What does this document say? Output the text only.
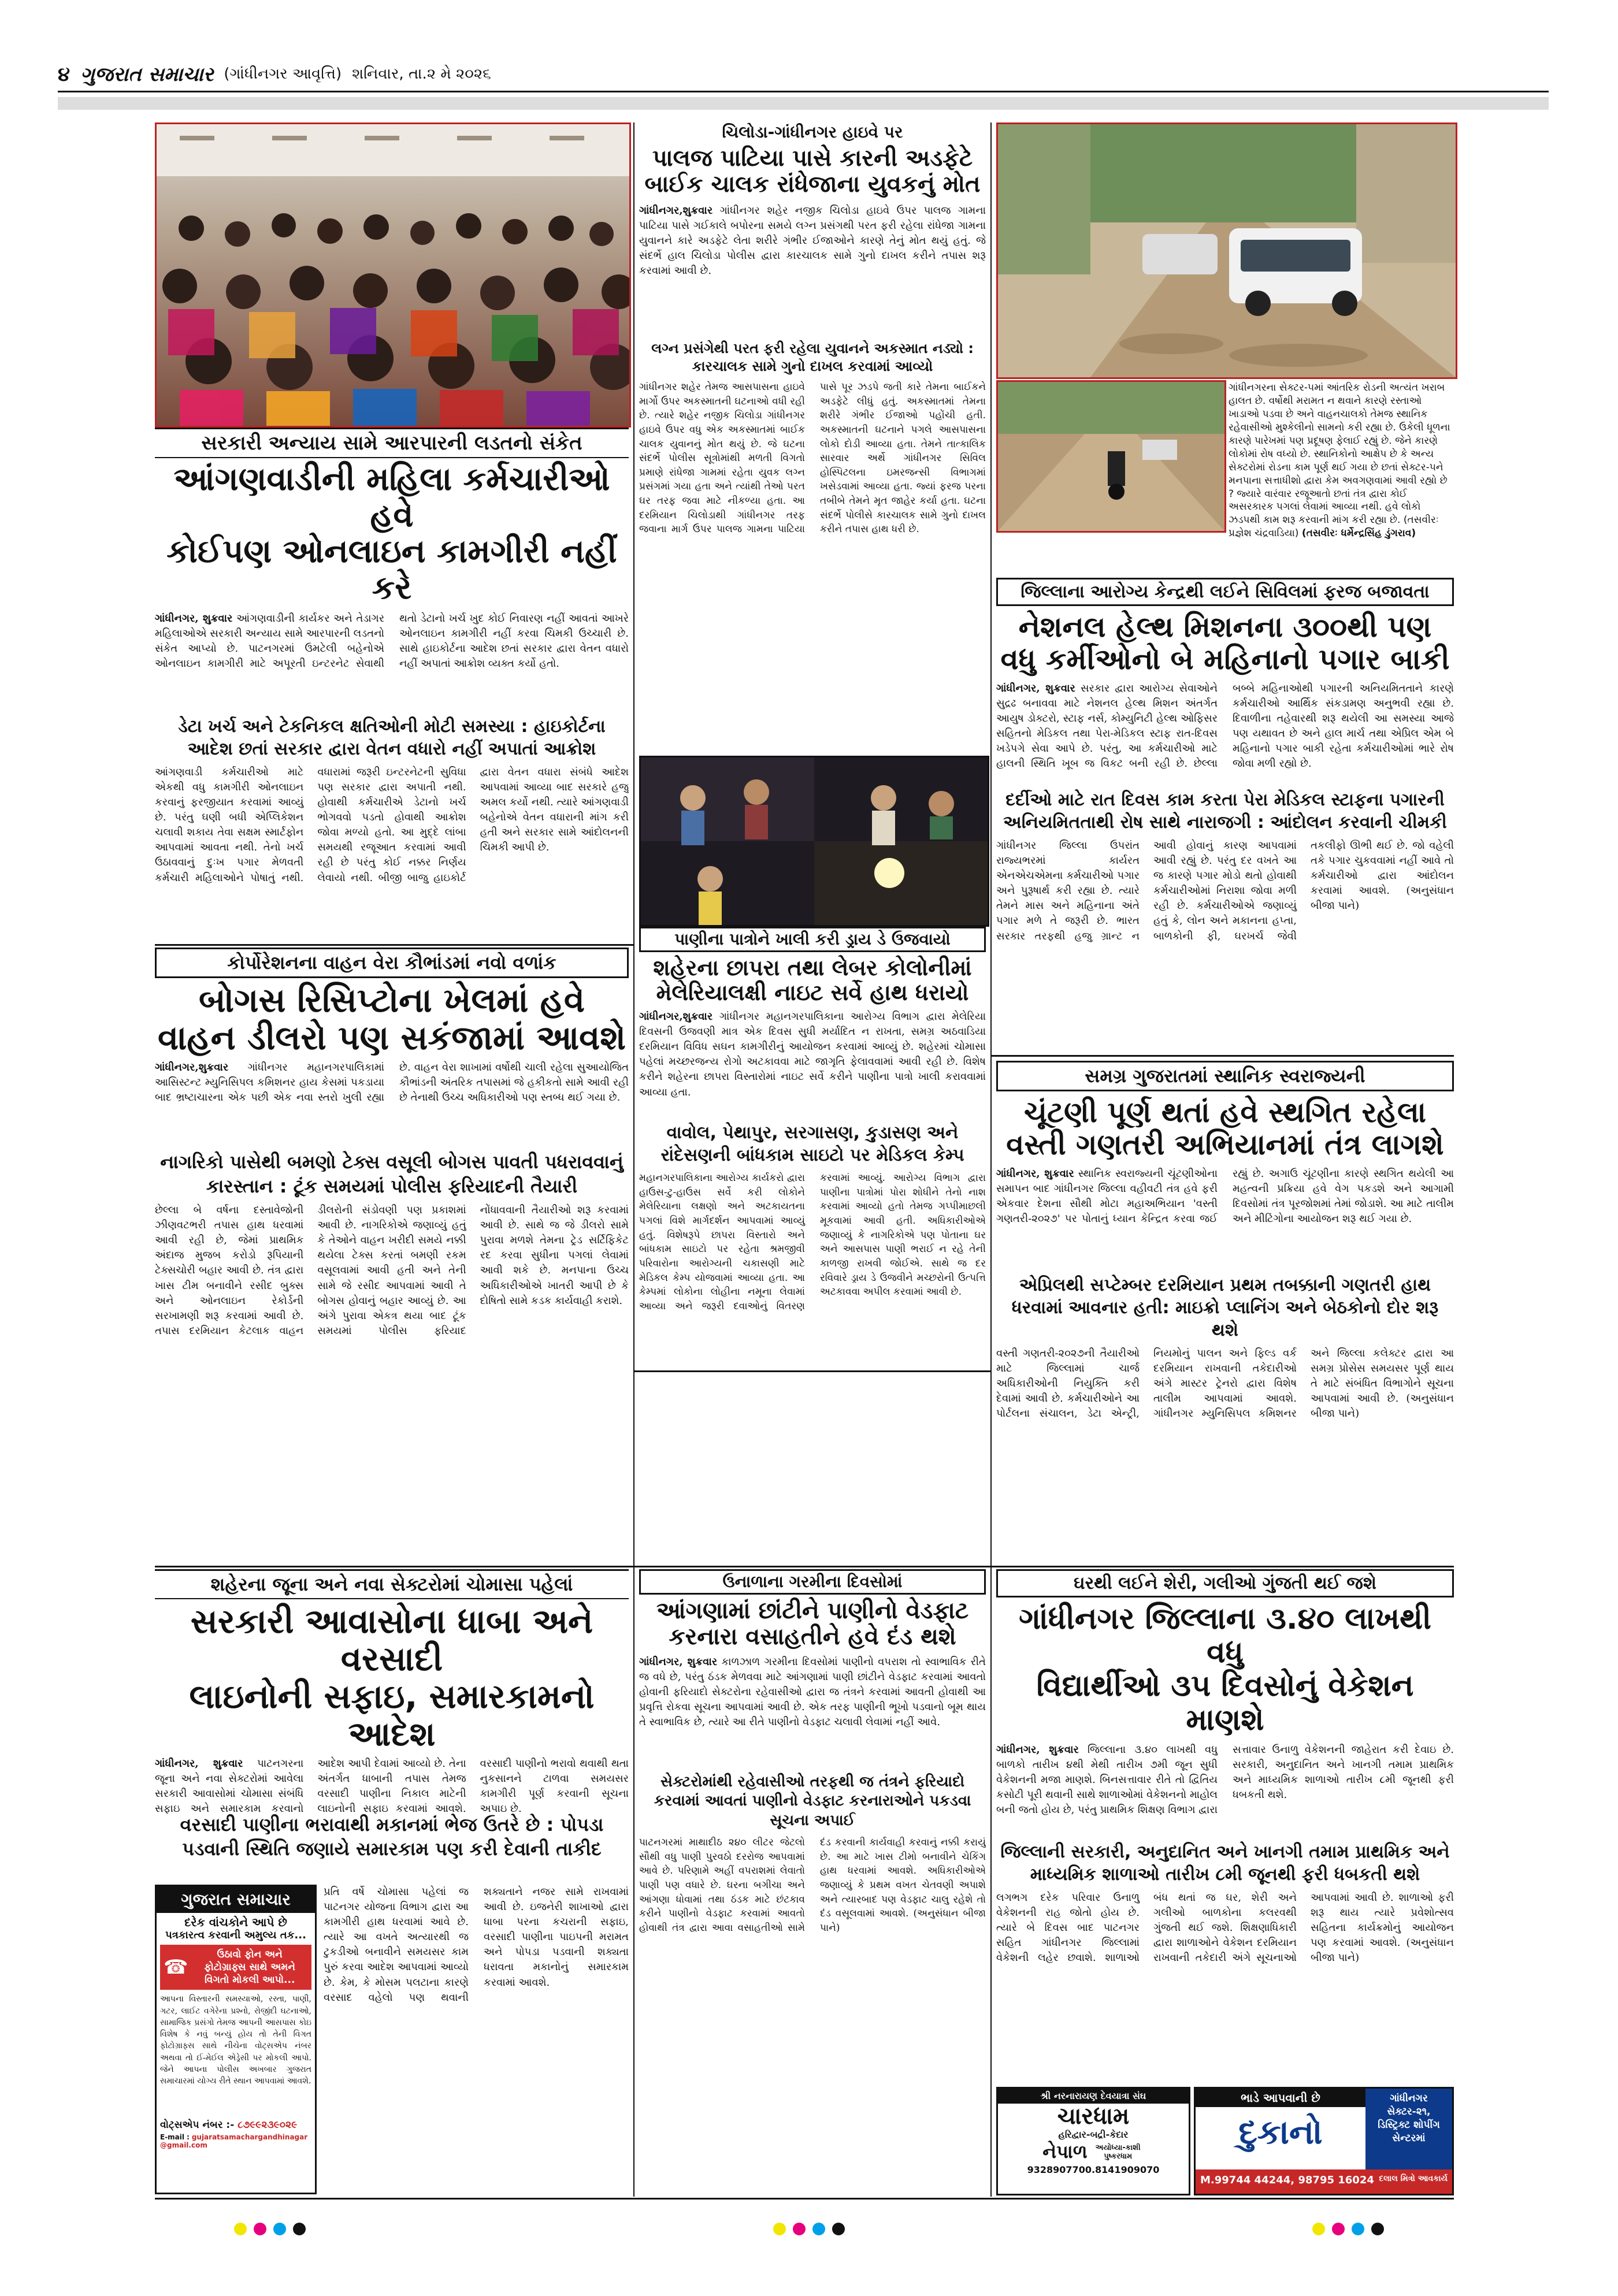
૪ ગુજરાત સમાચાર (ગાંધીનગર આવૃત્તિ) શનિવાર, તા.૨ મે ૨૦૨૬
સરકારી અન્યાય સામે આરપારની લડતનો સંકેત
આંગણવાડીની મહિલા કર્મચારીઓ હવે
કોઈપણ ઓનલાઇન કામગીરી નહીં કરે
ગાંધીનગર, શુક્રવાર આંગણવાડીની કાર્યકર અને તેડાગર મહિલાઓએ સરકારી અન્યાય સામે આરપારની લડતનો સંકેત આપ્યો છે. પાટનગરમાં ઉમટેલી બહેનોએ ઓનલાઇન કામગીરી માટે અપૂરતી ઇન્ટરનેટ સેવાથી થતો ડેટાનો ખર્ચ ખુદ કોઈ નિવારણ નહીં આવતાં આખરે ઓનલાઇન કામગીરી નહીં કરવા ચિમકી ઉચ્ચારી છે. સાથે હાઇકોર્ટના આદેશ છતાં સરકાર દ્વારા વેતન વધારો નહીં અપાતાં આક્રોશ વ્યક્ત કર્યો હતો.
ડેટા ખર્ચ અને ટેકનિકલ ક્ષતિઓની મોટી સમસ્યા : હાઇકોર્ટના આદેશ છતાં સરકાર દ્વારા વેતન વધારો નહીં અપાતાં આક્રોશ
આંગણવાડી કર્મચારીઓ માટે એકથી વધુ કામગીરી ઓનલાઇન કરવાનું ફરજીયાત કરવામાં આવ્યું છે. પરંતુ ઘણી બધી એપ્લિકેશન ચલાવી શકાય તેવા સક્ષમ સ્માર્ટફોન આપવામાં આવતા નથી. તેનો ખર્ચ ઉઠાવવાનું દુઃખ પગાર મેળવતી કર્મચારી મહિલાઓને પોષાતું નથી. વધારામાં જરૂરી ઇન્ટરનેટની સુવિધા પણ સરકાર દ્વારા અપાતી નથી. હોવાથી કર્મચારીએ ડેટાનો ખર્ચ ભોગવવો પડતો હોવાથી આક્રોશ જોવા મળ્યો હતો. આ મુદ્દે લાંબા સમયથી રજૂઆત કરવામાં આવી રહી છે પરંતુ કોઈ નક્કર નિર્ણય લેવાયો નથી. બીજી બાજુ હાઇકોર્ટ દ્વારા વેતન વધારા સંબંધે આદેશ આપવામાં આવ્યા બાદ સરકારે હજુ અમલ કર્યો નથી. ત્યારે આંગણવાડી બહેનોએ વેતન વધારાની માંગ કરી હતી અને સરકાર સામે આંદોલનની ચિમકી આપી છે.
ચિલોડા-ગાંધીનગર હાઇવે પર
પાલજ પાટિયા પાસે કારની અડફેટે
બાઈક ચાલક રાંધેજાના યુવકનું મોત
ગાંધીનગર,શુક્રવાર ગાંધીનગર શહેર નજીક ચિલોડા હાઇવે ઉપર પાલજ ગામના પાટિયા પાસે ગઈકાલે બપોરના સમયે લગ્ન પ્રસંગથી પરત ફરી રહેલા રાંધેજા ગામના યુવાનને કારે અડફેટે લેતા શરીરે ગંભીર ઈજાઓને કારણે તેનું મોત થયું હતું. જે સંદર્ભે હાલ ચિલોડા પોલીસ દ્વારા કારચાલક સામે ગુનો દાખલ કરીને તપાસ શરૂ કરવામાં આવી છે.
લગ્ન પ્રસંગેથી પરત ફરી રહેલા યુવાનને અકસ્માત નડ્યો : કારચાલક સામે ગુનો દાખલ કરવામાં આવ્યો
ગાંધીનગર શહેર તેમજ આસપાસના હાઇવે માર્ગો ઉપર અકસ્માતની ઘટનાઓ વધી રહી છે. ત્યારે શહેર નજીક ચિલોડા ગાંધીનગર હાઇવે ઉપર વધુ એક અકસ્માતમાં બાઈક ચાલક યુવાનનું મોત થયું છે. જે ઘટના સંદર્ભે પોલીસ સૂત્રોમાંથી મળતી વિગતો પ્રમાણે રાંધેજા ગામમાં રહેતા યુવક લગ્ન પ્રસંગમાં ગયા હતા અને ત્યાંથી તેઓ પરત ઘર તરફ જવા માટે નીકળ્યા હતા. આ દરમિયાન ચિલોડાથી ગાંધીનગર તરફ જવાના માર્ગ ઉપર પાલજ ગામના પાટિયા પાસે પૂર ઝડપે જતી કારે તેમના બાઈકને અડફેટે લીધું હતું. અકસ્માતમાં તેમના શરીરે ગંભીર ઈજાઓ પહોંચી હતી. અકસ્માતની ઘટનાને પગલે આસપાસના લોકો દોડી આવ્યા હતા. તેમને તાત્કાલિક સારવાર અર્થે ગાંધીનગર સિવિલ હોસ્પિટલના ઇમરજન્સી વિભાગમાં ખસેડવામાં આવ્યા હતા. જ્યાં ફરજ પરના તબીબે તેમને મૃત જાહેર કર્યા હતા. ઘટના સંદર્ભે પોલીસે કારચાલક સામે ગુનો દાખલ કરીને તપાસ હાથ ધરી છે.
ગાંધીનગરના સેક્ટર-૫માં આંતરિક રોડની અત્યંત ખરાબ હાલત છે. વર્ષોથી મરામત ન થવાને કારણે રસ્તાઓ ખાડાઓ પડવા છે અને વાહનચાલકો તેમજ સ્થાનિક રહેવાસીઓ મુશ્કેલીનો સામનો કરી રહ્યા છે. ઉકેલી ધૂળના કારણે પારેખમાં પણ પ્રદૂષણ ફેલાઈ રહ્યું છે. જેને કારણે લોકોમાં રોષ વધ્યો છે. સ્થાનિકોનો આક્ષેપ છે કે અન્ય સેક્ટરોમાં રોડના કામ પૂર્ણ થઈ ગયા છે છતાં સેક્ટર-૫ને મનપાના સત્તાધીશો દ્વારા કેમ અવગણવામાં આવી રહ્યો છે ? જ્યારે વારંવાર રજૂઆતો છતાં તંત્ર દ્વારા કોઈ અસરકારક પગલાં લેવામાં આવ્યા નથી. હવે લોકો ઝડપથી કામ શરૂ કરવાની માંગ કરી રહ્યા છે. (તસવીરઃ પ્રજ્ઞેશ ચંદ્રવાડિયા) (તસવીરઃ ધર્મેન્દ્રસિંહ ડુંગરાવ)
જિલ્લાના આરોગ્ય કેન્દ્રથી લઈને સિવિલમાં ફરજ બજાવતા
નેશનલ હેલ્થ મિશનના ૩૦૦થી પણ
વધુ કર્મીઓનો બે મહિનાનો પગાર બાકી
ગાંધીનગર, શુક્રવાર સરકાર દ્વારા આરોગ્ય સેવાઓને સુદ્રઢ બનાવવા માટે નેશનલ હેલ્થ મિશન અંતર્ગત આયુષ ડોક્ટરો, સ્ટાફ નર્સ, કોમ્યુનિટી હેલ્થ ઓફિસર સહિતનો મેડિકલ તથા પેરા-મેડિકલ સ્ટાફ રાત-દિવસ ખડેપગે સેવા આપે છે. પરંતુ, આ કર્મચારીઓ માટે હાલની સ્થિતિ ખૂબ જ વિકટ બની રહી છે. છેલ્લા બબ્બે મહિનાઓથી પગારની અનિયમિતતાને કારણે કર્મચારીઓ આર્થિક સંકડામણ અનુભવી રહ્યા છે. દિવાળીના તહેવારથી શરૂ થયેલી આ સમસ્યા આજે પણ યથાવત છે અને હાલ માર્ચ તથા એપ્રિલ એમ બે મહિનાનો પગાર બાકી રહેતા કર્મચારીઓમાં ભારે રોષ જોવા મળી રહ્યો છે.
દર્દીઓ માટે રાત દિવસ કામ કરતા પેરા મેડિકલ સ્ટાફના પગારની અનિયમિતતાથી રોષ સાથે નારાજગી : આંદોલન કરવાની ચીમકી
ગાંધીનગર જિલ્લા ઉપરાંત રાજ્યભરમાં કાર્યરત એનએચએમના કર્મચારીઓ પગાર અને પુરૂષાર્થ કરી રહ્યા છે. ત્યારે તેમને માસ અને મહિનાના અંતે પગાર મળે તે જરૂરી છે. ભારત સરકાર તરફથી હજુ ગ્રાન્ટ ન આવી હોવાનું કારણ આપવામાં આવી રહ્યું છે. પરંતુ દર વખતે આ જ કારણે પગાર મોડો થતો હોવાથી કર્મચારીઓમાં નિરાશા જોવા મળી રહી છે. કર્મચારીઓએ જણાવ્યું હતું કે, લોન અને મકાનના હપ્તા, બાળકોની ફી, ઘરખર્ચ જેવી તકલીફો ઊભી થઈ છે. જો વહેલી તકે પગાર ચુકવવામાં નહીં આવે તો કર્મચારીઓ દ્વારા આંદોલન કરવામાં આવશે. (અનુસંધાન બીજા પાને)
કોર્પોરેશનના વાહન વેરા કૌભાંડમાં નવો વળાંક
બોગસ રિસિપ્ટોના ખેલમાં હવે
વાહન ડીલરો પણ સકંજામાં આવશે
ગાંધીનગર,શુક્રવાર ગાંધીનગર મહાનગરપાલિકામાં આસિસ્ટન્ટ મ્યુનિસિપલ કમિશનર હાય કેસમાં પકડાયા બાદ ભ્રષ્ટાચારના એક પછી એક નવા સ્તરો ખુલી રહ્યા છે. વાહન વેરા શાખામાં વર્ષોથી ચાલી રહેલા સુઆયોજિત કૌભાંડની અંતરિક તપાસમાં જે હકીકતો સામે આવી રહી છે તેનાથી ઉચ્ચ અધિકારીઓ પણ સ્તબ્ધ થઈ ગયા છે.
નાગરિકો પાસેથી બમણો ટેક્સ વસૂલી બોગસ પાવતી પધરાવવાનું કારસ્તાન : ટૂંક સમયમાં પોલીસ ફરિયાદની તૈયારી
છેલ્લા બે વર્ષના દસ્તાવેજોની ઝીણવટભરી તપાસ હાથ ધરવામાં આવી રહી છે, જેમાં પ્રાથમિક અંદાજ મુજબ કરોડો રૂપિયાની ટેક્સચોરી બહાર આવી છે. તંત્ર દ્વારા ખાસ ટીમ બનાવીને રસીદ બુક્સ અને ઓનલાઇન રેકોર્ડની સરખામણી શરૂ કરવામાં આવી છે. તપાસ દરમિયાન કેટલાક વાહન ડીલરોની સંડોવણી પણ પ્રકાશમાં આવી છે. નાગરિકોએ જણાવ્યું હતું કે તેઓને વાહન ખરીદી સમયે નક્કી થયેલા ટેક્સ કરતાં બમણી રકમ વસૂલવામાં આવી હતી અને તેની સામે જે રસીદ આપવામાં આવી તે બોગસ હોવાનું બહાર આવ્યું છે. આ અંગે પુરાવા એકત્ર થયા બાદ ટૂંક સમયમાં પોલીસ ફરિયાદ નોંધાવવાની તૈયારીઓ શરૂ કરવામાં આવી છે. સાથે જ જે ડીલરો સામે પુરાવા મળશે તેમના ટ્રેડ સર્ટિફિકેટ રદ કરવા સુધીના પગલાં લેવામાં આવી શકે છે. મનપાના ઉચ્ચ અધિકારીઓએ ખાતરી આપી છે કે દોષિતો સામે કડક કાર્યવાહી કરાશે.
પાણીના પાત્રોને ખાલી કરી ડ્રાય ડે ઉજવાયો
શહેરના છાપરા તથા લેબર કોલોનીમાં
મેલેરિયાલક્ષી નાઇટ સર્વે હાથ ધરાયો
ગાંધીનગર,શુક્રવાર ગાંધીનગર મહાનગરપાલિકાના આરોગ્ય વિભાગ દ્વારા મેલેરિયા દિવસની ઉજવણી માત્ર એક દિવસ સુધી મર્યાદિત ન રાખતા, સમગ્ર અઠવાડિયા દરમિયાન વિવિધ સઘન કામગીરીનું આયોજન કરવામાં આવ્યું છે. શહેરમાં ચોમાસા પહેલાં મચ્છરજન્ય રોગો અટકાવવા માટે જાગૃતિ ફેલાવવામાં આવી રહી છે. વિશેષ કરીને શહેરના છાપરા વિસ્તારોમાં નાઇટ સર્વે કરીને પાણીના પાત્રો ખાલી કરાવવામાં આવ્યા હતા.
વાવોલ, પેથાપુર, સરગાસણ, કુડાસણ અને રાંદેસણની બાંધકામ સાઇટો પર મેડિકલ કેમ્પ
મહાનગરપાલિકાના આરોગ્ય કાર્યકરો દ્વારા હાઉસ-ટુ-હાઉસ સર્વે કરી લોકોને મેલેરિયાના લક્ષણો અને અટકાયતના પગલાં વિશે માર્ગદર્શન આપવામાં આવ્યું હતું. વિશેષરૂપે છાપરા વિસ્તારો અને બાંધકામ સાઇટો પર રહેતા શ્રમજીવી પરિવારોના આરોગ્યની ચકાસણી માટે મેડિકલ કેમ્પ યોજવામાં આવ્યા હતા. આ કેમ્પમાં લોકોના લોહીના નમૂના લેવામાં આવ્યા અને જરૂરી દવાઓનું વિતરણ કરવામાં આવ્યું. આરોગ્ય વિભાગ દ્વારા પાણીના પાત્રોમાં પોરા શોધીને તેનો નાશ કરવામાં આવ્યો હતો તેમજ ગપ્પીમાછલી મૂકવામાં આવી હતી. અધિકારીઓએ જણાવ્યું કે નાગરિકોએ પણ પોતાના ઘર અને આસપાસ પાણી ભરાઈ ન રહે તેની કાળજી રાખવી જોઈએ. સાથે જ દર રવિવારે ડ્રાય ડે ઉજવીને મચ્છરોની ઉત્પત્તિ અટકાવવા અપીલ કરવામાં આવી છે.
સમગ્ર ગુજરાતમાં સ્થાનિક સ્વરાજ્યની
ચૂંટણી પૂર્ણ થતાં હવે સ્થગિત રહેલા
વસ્તી ગણતરી અભિયાનમાં તંત્ર લાગશે
ગાંધીનગર, શુક્રવાર સ્થાનિક સ્વરાજ્યની ચૂંટણીઓના સમાપન બાદ ગાંધીનગર જિલ્લા વહીવટી તંત્ર હવે ફરી એકવાર દેશના સૌથી મોટા મહાઅભિયાન 'વસ્તી ગણતરી-૨૦૨૭' પર પોતાનું ધ્યાન કેન્દ્રિત કરવા જઈ રહ્યું છે. અગાઉ ચૂંટણીના કારણે સ્થગિત થયેલી આ મહત્વની પ્રક્રિયા હવે વેગ પકડશે અને આગામી દિવસોમાં તંત્ર પૂરજોશમાં તેમાં જોડાશે. આ માટે તાલીમ અને મીટિંગોના આયોજન શરૂ થઈ ગયા છે.
એપ્રિલથી સપ્ટેમ્બર દરમિયાન પ્રથમ તબક્કાની ગણતરી હાથ ધરવામાં આવનાર હતી: માઇક્રો પ્લાનિંગ અને બેઠકોનો દોર શરૂ થશે
વસ્તી ગણતરી-૨૦૨૭ની તૈયારીઓ માટે જિલ્લામાં ચાર્જ અધિકારીઓની નિયુક્તિ કરી દેવામાં આવી છે. કર્મચારીઓને આ પોર્ટલના સંચાલન, ડેટા એન્ટ્રી, નિયમોનું પાલન અને ફિલ્ડ વર્ક દરમિયાન રાખવાની તકેદારીઓ અંગે માસ્ટર ટ્રેનરો દ્વારા વિશેષ તાલીમ આપવામાં આવશે. ગાંધીનગર મ્યુનિસિપલ કમિશનર અને જિલ્લા કલેક્ટર દ્વારા આ સમગ્ર પ્રોસેસ સમયસર પૂર્ણ થાય તે માટે સંબંધિત વિભાગોને સૂચના આપવામાં આવી છે. (અનુસંધાન બીજા પાને)
શહેરના જૂના અને નવા સેક્ટરોમાં ચોમાસા પહેલાં
સરકારી આવાસોના ધાબા અને વરસાદી
લાઇનોની સફાઇ, સમારકામનો આદેશ
ગાંધીનગર, શુક્રવાર પાટનગરના જૂના અને નવા સેક્ટરોમાં આવેલા સરકારી આવાસોમાં ચોમાસા સંબંધિ સફાઇ અને સમારકામ કરવાનો આદેશ આપી દેવામાં આવ્યો છે. તેના અંતર્ગત ધાબાની તપાસ તેમજ વરસાદી પાણીના નિકાલ માટેની લાઇનોની સફાઇ કરવામાં આવશે. વરસાદી પાણીનો ભરાવો થવાથી થતા નુકસાનને ટાળવા સમયસર કામગીરી પૂર્ણ કરવાની સૂચના અપાઇ છે.
વરસાદી પાણીના ભરાવાથી મકાનમાં ભેજ ઉતરે છે : પોપડા પડવાની સ્થિતિ જણાયે સમારકામ પણ કરી દેવાની તાકીદ
પ્રતિ વર્ષે ચોમાસા પહેલાં જ પાટનગર યોજના વિભાગ દ્વારા આ કામગીરી હાથ ધરવામાં આવે છે. ત્યારે આ વખતે અત્યારથી જ ટુકડીઓ બનાવીને સમયસર કામ પુરું કરવા આદેશ આપવામાં આવ્યો છે. કેમ, કે મોસમ પલટાના કારણે વરસાદ વહેલો પણ થવાની શક્યતાને નજર સામે રાખવામાં આવી છે. ઇજનેરી શાખાઓ દ્વારા ધાબા પરના કચરાની સફાઇ, વરસાદી પાણીના પાઇપની મરામત અને પોપડા પડવાની શક્યતા ધરાવતા મકાનોનું સમારકામ કરવામાં આવશે.
ગુજરાત સમાચાર
દરેક વાંચકોને આપે છે
પત્રકારત્વ કરવાની અમુલ્ય તક...
☎
ઉઠાવો ફોન અને
ફોટોગ્રાફ્સ સાથે અમને
વિગતો મોકલી આપો...
આપના વિસ્તારની સમસ્યાઓ, રસ્તા, પાણી, ગટર, લાઈટ વગેરેના પ્રશ્નો, રોજીંદી ઘટનાઓ, સામાજિક પ્રસંગો તેમજ આપની આસપાસ કોઇ વિશેષ કે નવું બન્યું હોય તો તેની વિગત ફોટોગ્રાફ્સ સાથે નીચેના વોટ્સએપ નંબર અથવા તો ઈ-મેઈલ એડ્રેસી પર મોકલી આપો. જેને આપના પોલીસ અખબાર ગુજરાત સમાચારમાં યોગ્ય રીતે સ્થાન આપવામાં આવશે.
વોટ્સએપ નંબર :- ૮૭૯૯૨૩૯૦૨૯
E-mail : gujaratsamachargandhinagar@gmail.com
ઉનાળાના ગરમીના દિવસોમાં
આંગણામાં છાંટીને પાણીનો વેડફાટ
કરનારા વસાહતીને હવે દંડ થશે
ગાંધીનગર, શુક્રવાર કાળઝાળ ગરમીના દિવસોમાં પાણીનો વપરાશ તો સ્વાભાવિક રીતે જ વધે છે, પરંતુ ઠંડક મેળવવા માટે આંગણામાં પાણી છાંટીને વેડફાટ કરવામાં આવતો હોવાની ફરિયાદો સેક્ટરોના રહેવાસીઓ દ્વારા જ તંત્રને કરવામાં આવતી હોવાથી આ પ્રવૃત્તિ રોકવા સૂચના આપવામાં આવી છે. એક તરફ પાણીની ભૂખો પડવાનો બૂમ થાય તે સ્વાભાવિક છે, ત્યારે આ રીતે પાણીનો વેડફાટ ચલાવી લેવામાં નહીં આવે.
સેક્ટરોમાંથી રહેવાસીઓ તરફથી જ તંત્રને ફરિયાદો કરવામાં આવતાં પાણીનો વેડફાટ કરનારાઓને પકડવા સૂચના અપાઈ
પાટનગરમાં માથાદીઠ ૨૪૦ લીટર જેટલો સૌથી વધુ પાણી પુરવઠો દરરોજ આપવામાં આવે છે. પરિણામે અહીં વપરાશમાં લેવાતો પાણી પણ વધારે છે. ઘરના બગીચા અને આંગણા ધોવામાં તથા ઠંડક માટે છંટકાવ કરીને પાણીનો વેડફાટ કરવામાં આવતો હોવાથી તંત્ર દ્વારા આવા વસાહતીઓ સામે દંડ કરવાની કાર્યવાહી કરવાનું નક્કી કરાયું છે. આ માટે ખાસ ટીમો બનાવીને ચેકિંગ હાથ ધરવામાં આવશે. અધિકારીઓએ જણાવ્યું કે પ્રથમ વખત ચેતવણી અપાશે અને ત્યારબાદ પણ વેડફાટ ચાલુ રહેશે તો દંડ વસૂલવામાં આવશે. (અનુસંધાન બીજા પાને)
ઘરથી લઈને શેરી, ગલીઓ ગુંજતી થઈ જશે
ગાંધીનગર જિલ્લાના ૩.૪૦ લાખથી વધુ
વિદ્યાર્થીઓ ૩૫ દિવસોનું વેકેશન માણશે
ગાંધીનગર, શુક્રવાર જિલ્લાના ૩.૪૦ લાખથી વધુ બાળકો તારીખ ૪થી મેથી તારીખ ૭મી જૂન સુધી વેકેશનની મજા માણશે. બિનસત્તાવાર રીતે તો દ્વિતિય કસોટી પૂરી થવાની સાથે શાળાઓમાં વેકેશનનો માહોલ બની જતો હોય છે, પરંતુ પ્રાથમિક શિક્ષણ વિભાગ દ્વારા સત્તાવાર ઉનાળુ વેકેશનની જાહેરાત કરી દેવાઇ છે. સરકારી, અનુદાનિત અને ખાનગી તમામ પ્રાથમિક અને માધ્યમિક શાળાઓ તારીખ ૮મી જૂનથી ફરી ધબકતી થશે.
જિલ્લાની સરકારી, અનુદાનિત અને ખાનગી તમામ પ્રાથમિક અને માધ્યમિક શાળાઓ તારીખ ૮મી જૂનથી ફરી ધબકતી થશે
લગભગ દરેક પરિવાર ઉનાળુ વેકેશનની રાહ જોતો હોય છે. ત્યારે બે દિવસ બાદ પાટનગર સહિત ગાંધીનગર જિલ્લામાં વેકેશની લહેર છવાશે. શાળાઓ બંધ થતાં જ ઘર, શેરી અને ગલીઓ બાળકોના કલરવથી ગુંજતી થઈ જશે. શિક્ષણાધિકારી દ્વારા શાળાઓને વેકેશન દરમિયાન રાખવાની તકેદારી અંગે સૂચનાઓ આપવામાં આવી છે. શાળાઓ ફરી શરૂ થાય ત્યારે પ્રવેશોત્સવ સહિતના કાર્યક્રમોનું આયોજન પણ કરવામાં આવશે. (અનુસંધાન બીજા પાને)
શ્રી નરનારાયણ દેવયાત્રા સંઘ
ચારધામ
હરિદ્વાર-બદ્રી-કેદાર
નેપાળ	અયોધ્યા-કાશી પુષ્કરધામ
9328907700.8141909070
ભાડે આપવાની છે
દુકાનો
ગાંધીનગર
સેક્ટર-૨૧,
ડિસ્ટ્રિક્ટ શોપીંગ
સેન્ટરમાં
M.99744 44244, 98795 16024 દલાલ મિત્રો આવકાર્ય
